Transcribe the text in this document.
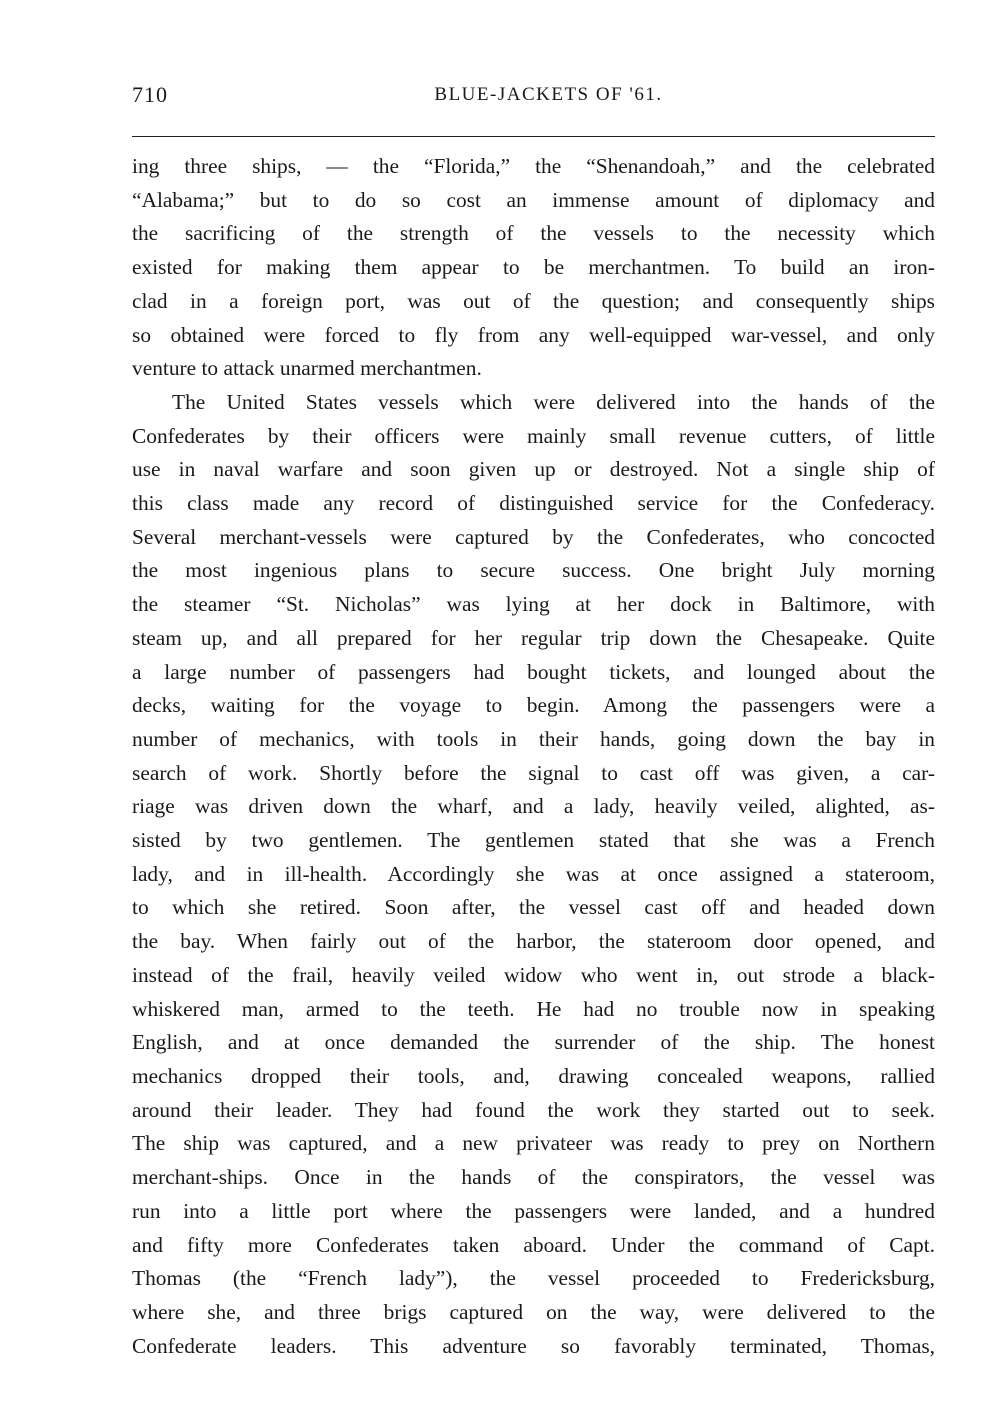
710	BLUE-JACKETS OF '61.

ing three ships, — the “Florida,” the “Shenandoah,” and the celebrated
“Alabama;” but to do so cost an immense amount of diplomacy and
the sacrificing of the strength of the vessels to the necessity which
existed for making them appear to be merchantmen. To build an iron-
clad in a foreign port, was out of the question; and consequently ships
so obtained were forced to fly from any well-equipped war-vessel, and only
venture to attack unarmed merchantmen.

The United States vessels which were delivered into the hands of the
Confederates by their officers were mainly small revenue cutters, of little
use in naval warfare and soon given up or destroyed. Not a single ship of
this class made any record of distinguished service for the Confederacy.
Several merchant-vessels were captured by the Confederates, who concocted
the most ingenious plans to secure success. One bright July morning
the steamer “St. Nicholas” was lying at her dock in Baltimore, with
steam up, and all prepared for her regular trip down the Chesapeake. Quite
a large number of passengers had bought tickets, and lounged about the
decks, waiting for the voyage to begin. Among the passengers were a
number of mechanics, with tools in their hands, going down the bay in
search of work. Shortly before the signal to cast off was given, a car-
riage was driven down the wharf, and a lady, heavily veiled, alighted, as-
sisted by two gentlemen. The gentlemen stated that she was a French
lady, and in ill-health. Accordingly she was at once assigned a stateroom,
to which she retired. Soon after, the vessel cast off and headed down
the bay. When fairly out of the harbor, the stateroom door opened, and
instead of the frail, heavily veiled widow who went in, out strode a black-
whiskered man, armed to the teeth. He had no trouble now in speaking
English, and at once demanded the surrender of the ship. The honest
mechanics dropped their tools, and, drawing concealed weapons, rallied
around their leader. They had found the work they started out to seek.
The ship was captured, and a new privateer was ready to prey on Northern
merchant-ships. Once in the hands of the conspirators, the vessel was
run into a little port where the passengers were landed, and a hundred
and fifty more Confederates taken aboard. Under the command of Capt.
Thomas (the “French lady”), the vessel proceeded to Fredericksburg,
where she, and three brigs captured on the way, were delivered to the
Confederate leaders. This adventure so favorably terminated, Thomas,
